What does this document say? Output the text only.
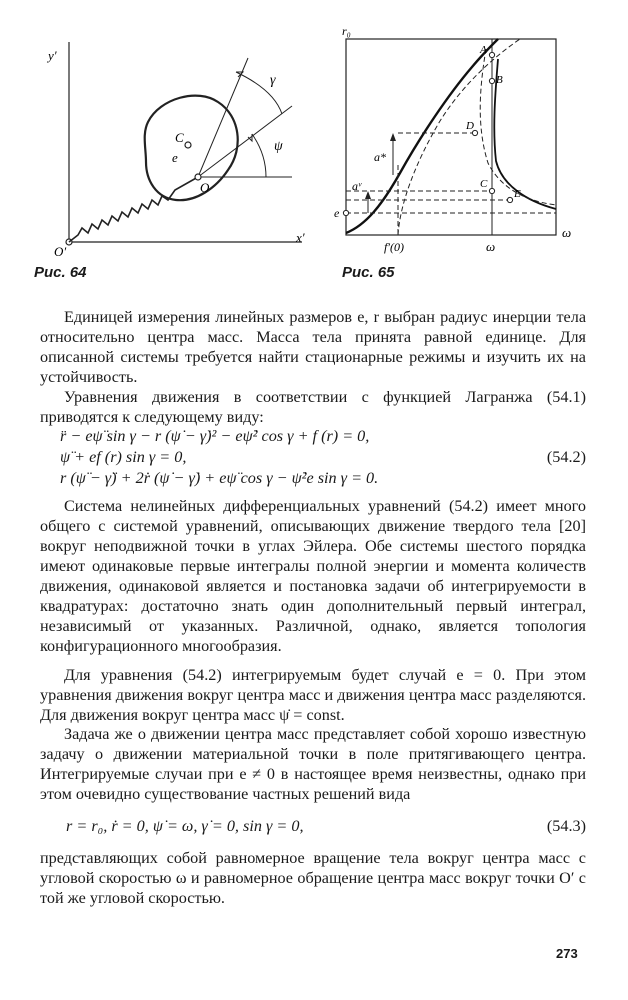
y′
x′
O′
γ
ψ
C
e
O
Рис. 64
r₀
ω
a*
aᵛ
A
B
D
C
E
e
f′(0)	ω
Рис. 65

Единицей измерения линейных размеров e, r выбран радиус инерции тела относительно центра масс. Масса тела принята равной единице. Для описанной системы требуется найти стационарные режимы и изучить их на устойчивость.

Уравнения движения в соответствии с функцией Лагранжа (54.1) приводятся к следующему виду:

r̈ − eψ̈ sin γ − r (ψ̇ − γ̇)² − eψ̇² cos γ + f (r) = 0,
ψ̈ + ef (r) sin γ = 0,	(54.2)
r (ψ̈ − γ̈) + 2ṙ (ψ̇ − γ̇) + eψ̈ cos γ − ψ̇²e sin γ = 0.

Система нелинейных дифференциальных уравнений (54.2) имеет много общего с системой уравнений, описывающих движение твердого тела [20] вокруг неподвижной точки в углах Эйлера. Обе системы шестого порядка имеют одинаковые первые интегралы полной энергии и момента количеств движения, одинаковой является и постановка задачи об интегрируемости в квадратурах: достаточно знать один дополнительный первый интеграл, независимый от указанных. Различной, однако, является топология конфигурационного многообразия.

Для уравнения (54.2) интегрируемым будет случай e = 0. При этом уравнения движения вокруг центра масс и движения центра масс разделяются. Для движения вокруг центра масс ψ̇ = const.

Задача же о движении центра масс представляет собой хорошо известную задачу о движении материальной точки в поле притягивающего центра. Интегрируемые случаи при e ≠ 0 в настоящее время неизвестны, однако при этом очевидно существование частных решений вида

r = r₀, ṙ = 0, ψ̇ = ω, γ̇ = 0, sin γ = 0,	(54.3)

представляющих собой равномерное вращение тела вокруг центра масс с угловой скоростью ω и равномерное обращение центра масс вокруг точки O′ с той же угловой скоростью.

273
